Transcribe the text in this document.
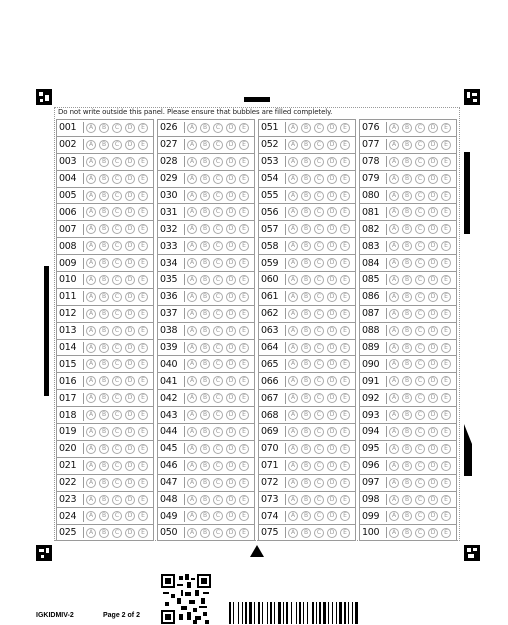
Do not write outside this panel. Please ensure that bubbles are filled completely.
001	A	B	C	D	E
002	A	B	C	D	E
003	A	B	C	D	E
004	A	B	C	D	E
005	A	B	C	D	E
006	A	B	C	D	E
007	A	B	C	D	E
008	A	B	C	D	E
009	A	B	C	D	E
010	A	B	C	D	E
011	A	B	C	D	E
012	A	B	C	D	E
013	A	B	C	D	E
014	A	B	C	D	E
015	A	B	C	D	E
016	A	B	C	D	E
017	A	B	C	D	E
018	A	B	C	D	E
019	A	B	C	D	E
020	A	B	C	D	E
021	A	B	C	D	E
022	A	B	C	D	E
023	A	B	C	D	E
024	A	B	C	D	E
025	A	B	C	D	E
026	A	B	C	D	E
027	A	B	C	D	E
028	A	B	C	D	E
029	A	B	C	D	E
030	A	B	C	D	E
031	A	B	C	D	E
032	A	B	C	D	E
033	A	B	C	D	E
034	A	B	C	D	E
035	A	B	C	D	E
036	A	B	C	D	E
037	A	B	C	D	E
038	A	B	C	D	E
039	A	B	C	D	E
040	A	B	C	D	E
041	A	B	C	D	E
042	A	B	C	D	E
043	A	B	C	D	E
044	A	B	C	D	E
045	A	B	C	D	E
046	A	B	C	D	E
047	A	B	C	D	E
048	A	B	C	D	E
049	A	B	C	D	E
050	A	B	C	D	E
051	A	B	C	D	E
052	A	B	C	D	E
053	A	B	C	D	E
054	A	B	C	D	E
055	A	B	C	D	E
056	A	B	C	D	E
057	A	B	C	D	E
058	A	B	C	D	E
059	A	B	C	D	E
060	A	B	C	D	E
061	A	B	C	D	E
062	A	B	C	D	E
063	A	B	C	D	E
064	A	B	C	D	E
065	A	B	C	D	E
066	A	B	C	D	E
067	A	B	C	D	E
068	A	B	C	D	E
069	A	B	C	D	E
070	A	B	C	D	E
071	A	B	C	D	E
072	A	B	C	D	E
073	A	B	C	D	E
074	A	B	C	D	E
075	A	B	C	D	E
076	A	B	C	D	E
077	A	B	C	D	E
078	A	B	C	D	E
079	A	B	C	D	E
080	A	B	C	D	E
081	A	B	C	D	E
082	A	B	C	D	E
083	A	B	C	D	E
084	A	B	C	D	E
085	A	B	C	D	E
086	A	B	C	D	E
087	A	B	C	D	E
088	A	B	C	D	E
089	A	B	C	D	E
090	A	B	C	D	E
091	A	B	C	D	E
092	A	B	C	D	E
093	A	B	C	D	E
094	A	B	C	D	E
095	A	B	C	D	E
096	A	B	C	D	E
097	A	B	C	D	E
098	A	B	C	D	E
099	A	B	C	D	E
100	A	B	C	D	E
IGKIDMIV-2	Page 2 of 2
